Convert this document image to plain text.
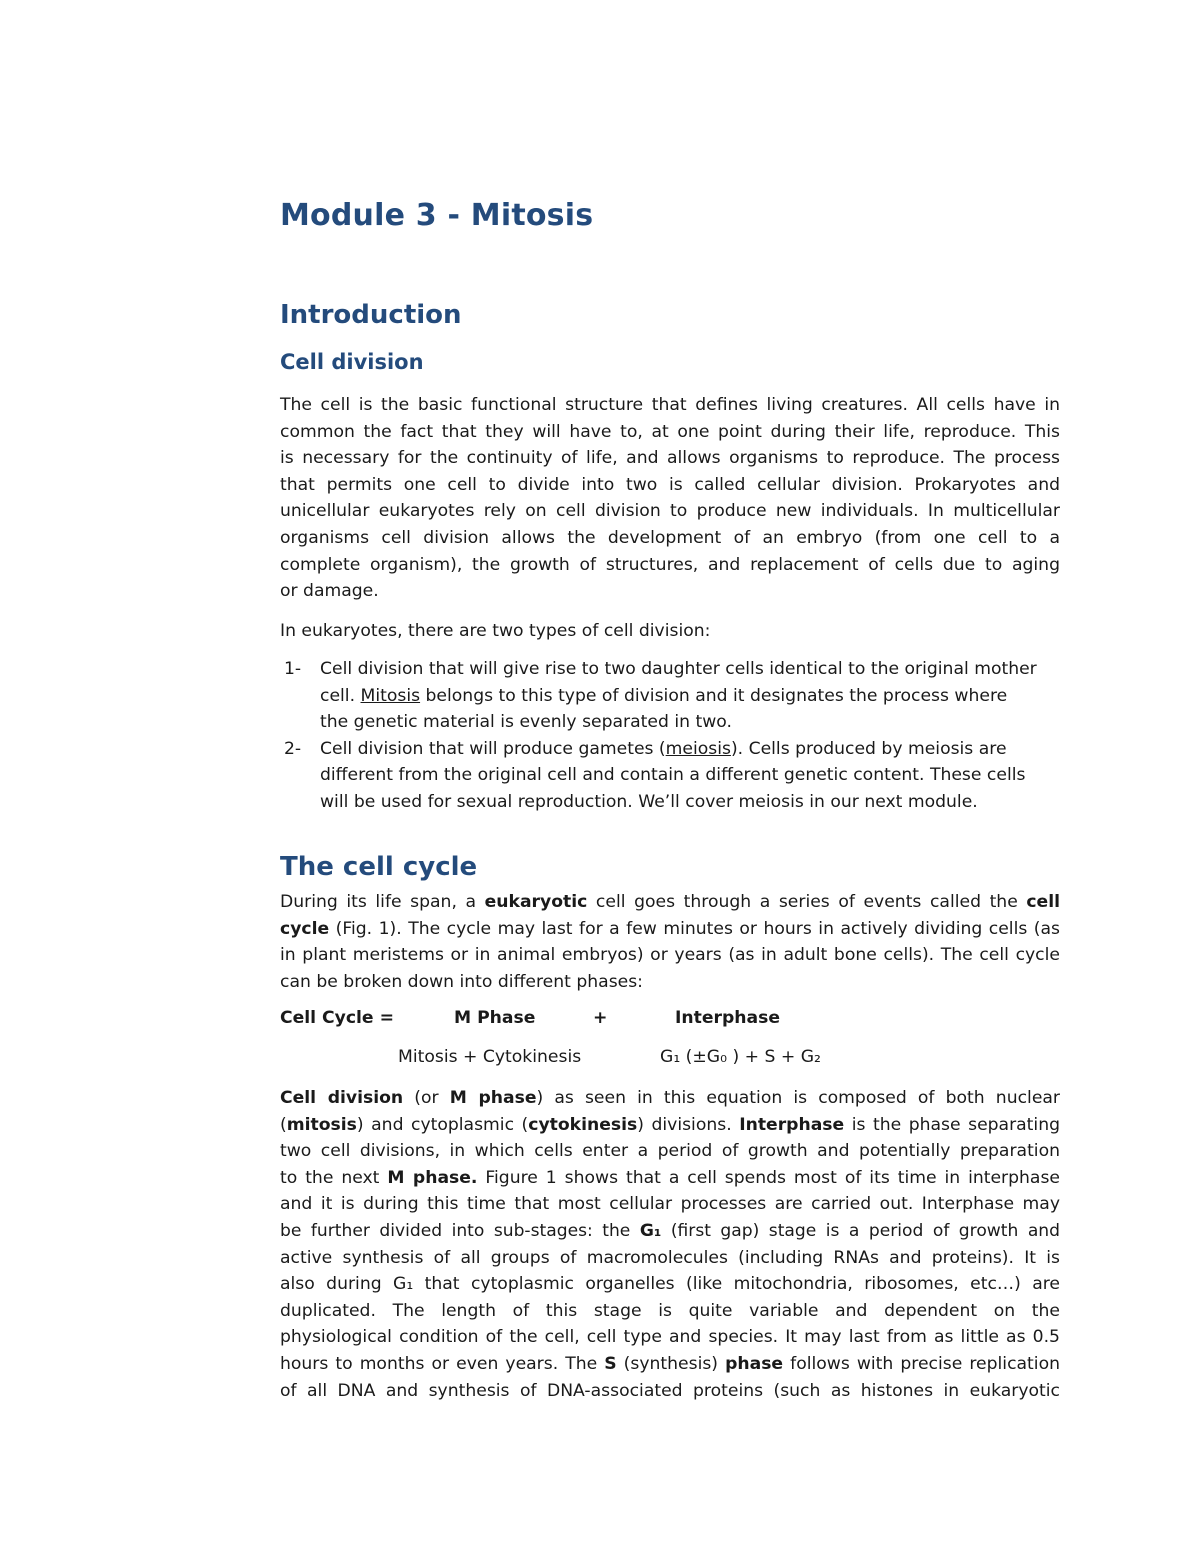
Module 3 - Mitosis
Introduction
Cell division
The cell is the basic functional structure that defines living creatures. All cells have in
common the fact that they will have to, at one point during their life, reproduce. This
is necessary for the continuity of life, and allows organisms to reproduce. The process
that permits one cell to divide into two is called cellular division. Prokaryotes and
unicellular eukaryotes rely on cell division to produce new individuals. In multicellular
organisms cell division allows the development of an embryo (from one cell to a
complete organism), the growth of structures, and replacement of cells due to aging
or damage.
In eukaryotes, there are two types of cell division:
1- Cell division that will give rise to two daughter cells identical to the original mother
cell. Mitosis belongs to this type of division and it designates the process where
the genetic material is evenly separated in two.
2- Cell division that will produce gametes (meiosis). Cells produced by meiosis are
different from the original cell and contain a different genetic content. These cells
will be used for sexual reproduction. We’ll cover meiosis in our next module.
The cell cycle
During its life span, a eukaryotic cell goes through a series of events called the cell
cycle (Fig. 1). The cycle may last for a few minutes or hours in actively dividing cells (as
in plant meristems or in animal embryos) or years (as in adult bone cells). The cell cycle
can be broken down into different phases:
Cell Cycle =	M Phase	+	Interphase
Mitosis + Cytokinesis	G₁ (±G₀ ) + S + G₂
Cell division (or M phase) as seen in this equation is composed of both nuclear
(mitosis) and cytoplasmic (cytokinesis) divisions. Interphase is the phase separating
two cell divisions, in which cells enter a period of growth and potentially preparation
to the next M phase. Figure 1 shows that a cell spends most of its time in interphase
and it is during this time that most cellular processes are carried out. Interphase may
be further divided into sub-stages: the G₁ (first gap) stage is a period of growth and
active synthesis of all groups of macromolecules (including RNAs and proteins). It is
also during G₁ that cytoplasmic organelles (like mitochondria, ribosomes, etc…) are
duplicated. The length of this stage is quite variable and dependent on the
physiological condition of the cell, cell type and species. It may last from as little as 0.5
hours to months or even years. The S (synthesis) phase follows with precise replication
of all DNA and synthesis of DNA-associated proteins (such as histones in eukaryotic
